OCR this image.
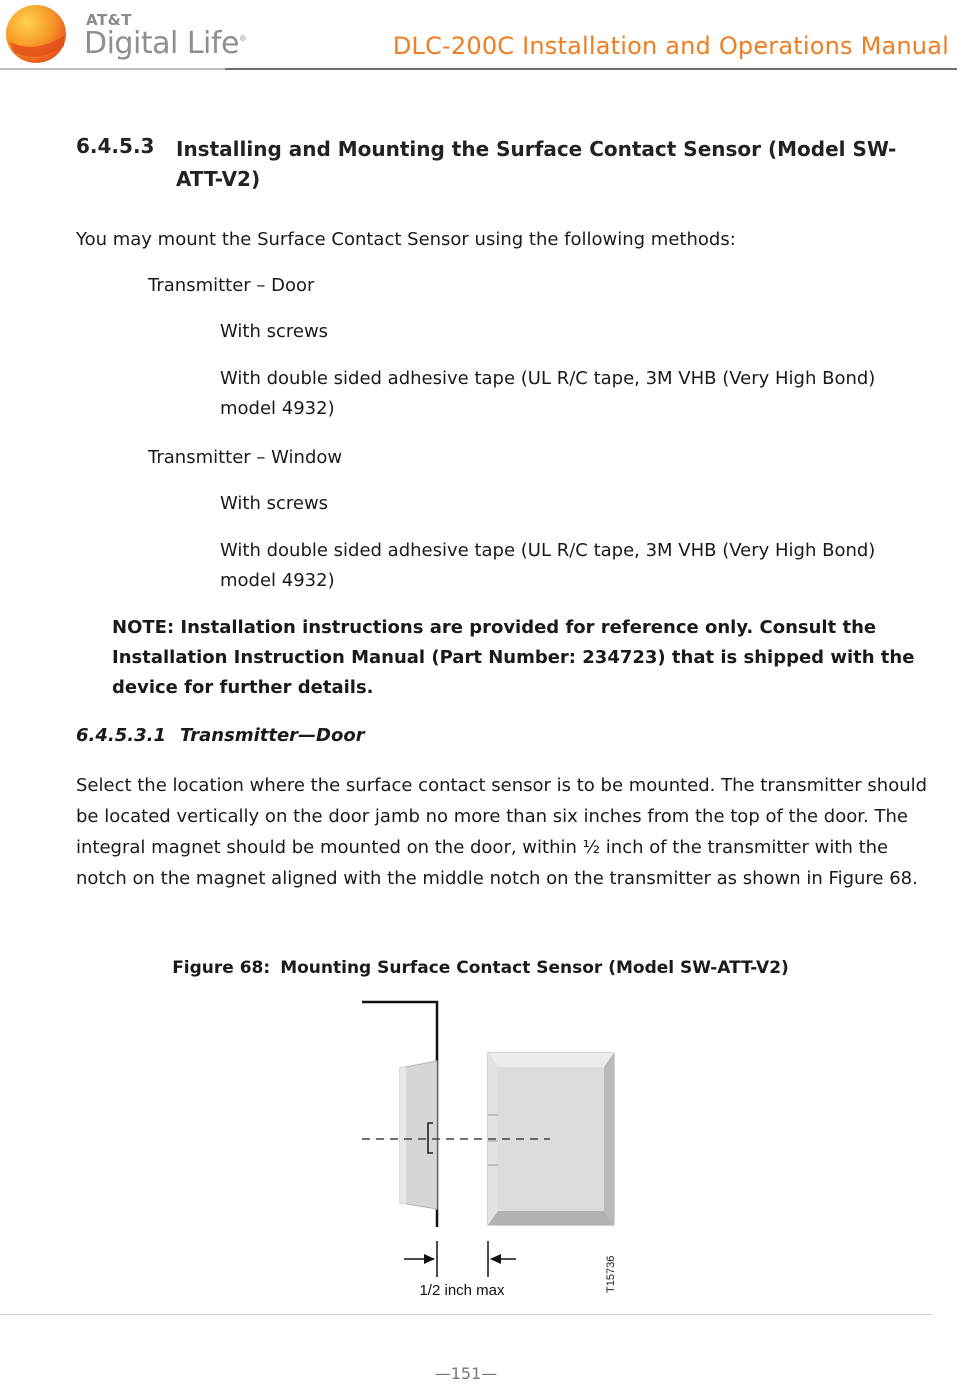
AT&T
Digital Life®	DLC-200C Installation and Operations Manual
6.4.5.3 Installing and Mounting the Surface Contact Sensor (Model SW-ATT-V2)
You may mount the Surface Contact Sensor using the following methods:
Transmitter – Door
With screws
With double sided adhesive tape (UL R/C tape, 3M VHB (Very High Bond) model 4932)
Transmitter – Window
With screws
With double sided adhesive tape (UL R/C tape, 3M VHB (Very High Bond) model 4932)
NOTE: Installation instructions are provided for reference only. Consult the Installation Instruction Manual (Part Number: 234723) that is shipped with the device for further details.
6.4.5.3.1 Transmitter—Door
Select the location where the surface contact sensor is to be mounted. The transmitter should be located vertically on the door jamb no more than six inches from the top of the door. The integral magnet should be mounted on the door, within ½ inch of the transmitter with the notch on the magnet aligned with the middle notch on the transmitter as shown in Figure 68.
Figure 68: Mounting Surface Contact Sensor (Model SW-ATT-V2)
1/2 inch max	T15736
—151—
